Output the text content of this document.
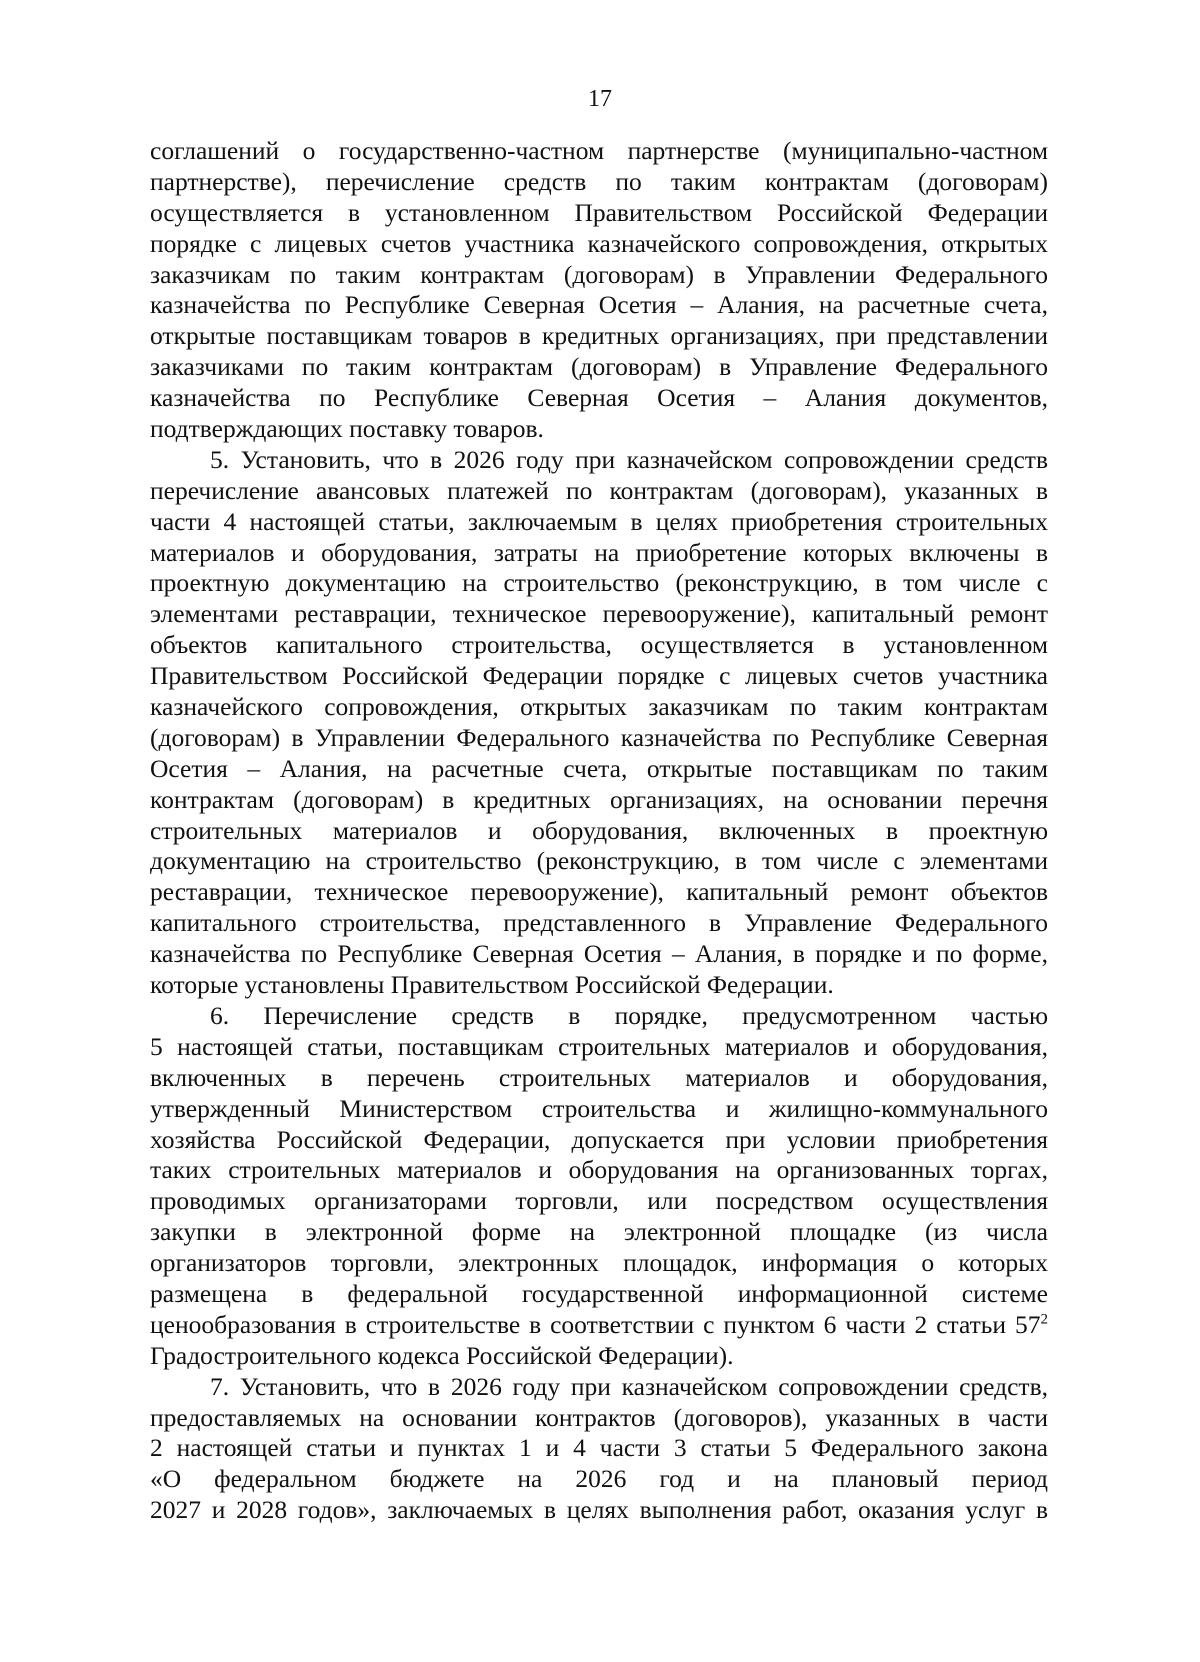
17
соглашений о государственно-частном партнерстве (муниципально-частном
партнерстве), перечисление средств по таким контрактам (договорам)
осуществляется в установленном Правительством Российской Федерации
порядке с лицевых счетов участника казначейского сопровождения, открытых
заказчикам по таким контрактам (договорам) в Управлении Федерального
казначейства по Республике Северная Осетия – Алания, на расчетные счета,
открытые поставщикам товаров в кредитных организациях, при представлении
заказчиками по таким контрактам (договорам) в Управление Федерального
казначейства по Республике Северная Осетия – Алания документов,
подтверждающих поставку товаров.
5. Установить, что в 2026 году при казначейском сопровождении средств
перечисление авансовых платежей по контрактам (договорам), указанных в
части 4 настоящей статьи, заключаемым в целях приобретения строительных
материалов и оборудования, затраты на приобретение которых включены в
проектную документацию на строительство (реконструкцию, в том числе с
элементами реставрации, техническое перевооружение), капитальный ремонт
объектов капитального строительства, осуществляется в установленном
Правительством Российской Федерации порядке с лицевых счетов участника
казначейского сопровождения, открытых заказчикам по таким контрактам
(договорам) в Управлении Федерального казначейства по Республике Северная
Осетия – Алания, на расчетные счета, открытые поставщикам по таким
контрактам (договорам) в кредитных организациях, на основании перечня
строительных материалов и оборудования, включенных в проектную
документацию на строительство (реконструкцию, в том числе с элементами
реставрации, техническое перевооружение), капитальный ремонт объектов
капитального строительства, представленного в Управление Федерального
казначейства по Республике Северная Осетия – Алания, в порядке и по форме,
которые установлены Правительством Российской Федерации.
6. Перечисление средств в порядке, предусмотренном частью
5 настоящей статьи, поставщикам строительных материалов и оборудования,
включенных в перечень строительных материалов и оборудования,
утвержденный Министерством строительства и жилищно-коммунального
хозяйства Российской Федерации, допускается при условии приобретения
таких строительных материалов и оборудования на организованных торгах,
проводимых организаторами торговли, или посредством осуществления
закупки в электронной форме на электронной площадке (из числа
организаторов торговли, электронных площадок, информация о которых
размещена в федеральной государственной информационной системе
ценообразования в строительстве в соответствии с пунктом 6 части 2 статьи 57$^2$
Градостроительного кодекса Российской Федерации).
7. Установить, что в 2026 году при казначейском сопровождении средств,
предоставляемых на основании контрактов (договоров), указанных в части
2 настоящей статьи и пунктах 1 и 4 части 3 статьи 5 Федерального закона
«О федеральном бюджете на 2026 год и на плановый период
2027 и 2028 годов», заключаемых в целях выполнения работ, оказания услуг в
